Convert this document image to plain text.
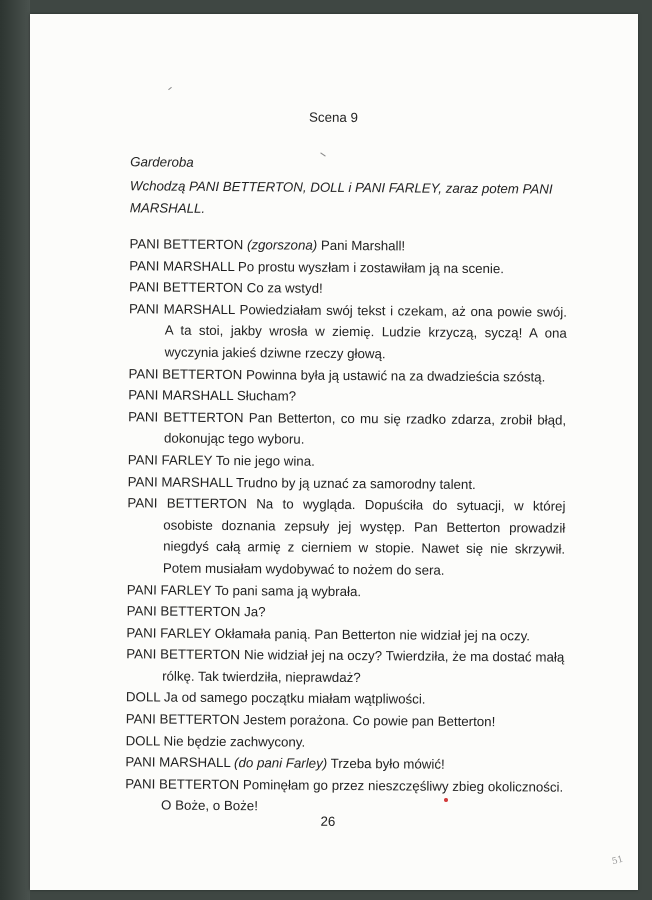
Scena 9
Garderoba
Wchodzą PANI BETTERTON, DOLL i PANI FARLEY, zaraz potem PANI MARSHALL.
PANI BETTERTON (zgorszona) Pani Marshall!
PANI MARSHALL Po prostu wyszłam i zostawiłam ją na scenie.
PANI BETTERTON Co za wstyd!
PANI MARSHALL Powiedziałam swój tekst i czekam, aż ona powie swój. A ta stoi, jakby wrosła w ziemię. Ludzie krzyczą, syczą! A ona wyczynia jakieś dziwne rzeczy głową.
PANI BETTERTON Powinna była ją ustawić na za dwadzieścia szóstą.
PANI MARSHALL Słucham?
PANI BETTERTON Pan Betterton, co mu się rzadko zdarza, zrobił błąd, dokonując tego wyboru.
PANI FARLEY To nie jego wina.
PANI MARSHALL Trudno by ją uznać za samorodny talent.
PANI BETTERTON Na to wygląda. Dopuściła do sytuacji, w której osobiste doznania zepsuły jej występ. Pan Betterton prowadził niegdyś całą armię z cierniem w stopie. Nawet się nie skrzywił. Potem musiałam wydobywać to nożem do sera.
PANI FARLEY To pani sama ją wybrała.
PANI BETTERTON Ja?
PANI FARLEY Okłamała panią. Pan Betterton nie widział jej na oczy.
PANI BETTERTON Nie widział jej na oczy? Twierdziła, że ma dostać małą rólkę. Tak twierdziła, nieprawdaż?
DOLL Ja od samego początku miałam wątpliwości.
PANI BETTERTON Jestem porażona. Co powie pan Betterton!
DOLL Nie będzie zachwycony.
PANI MARSHALL (do pani Farley) Trzeba było mówić!
PANI BETTERTON Pominęłam go przez nieszczęśliwy zbieg okoliczności. O Boże, o Boże!
26
51
